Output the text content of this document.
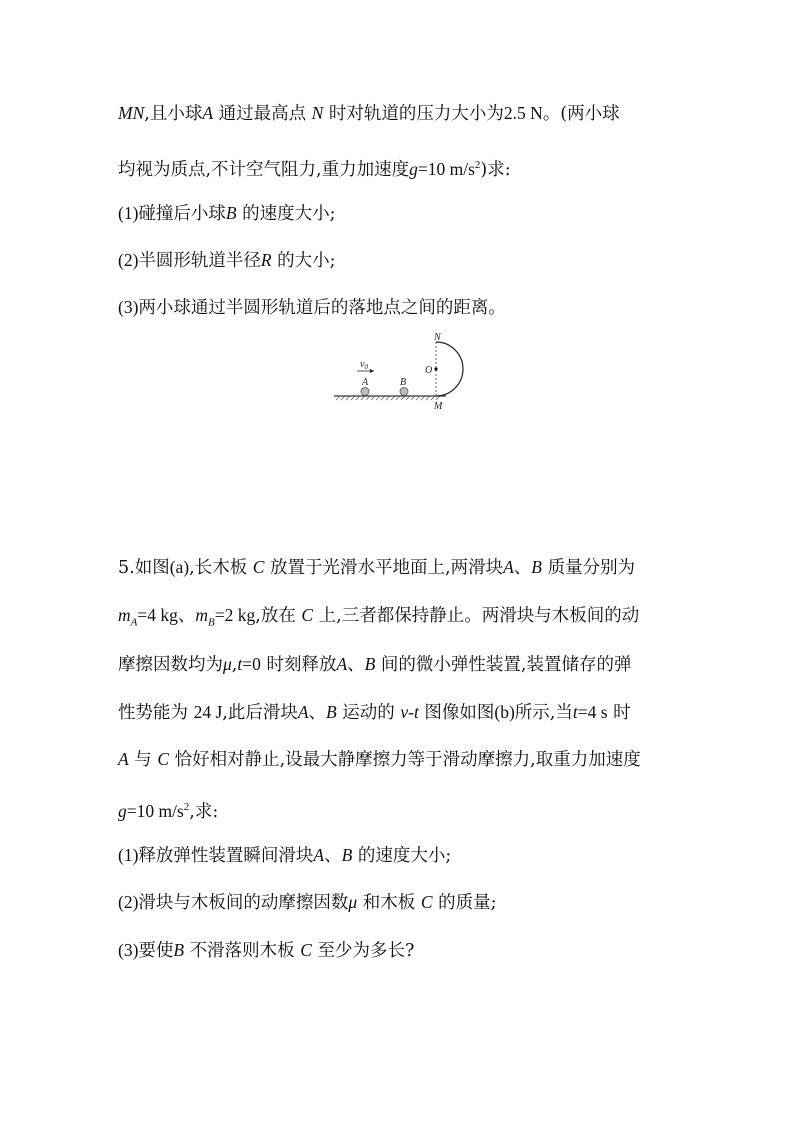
MN,且小球A 通过最高点 N 时对轨道的压力大小为2.5 N。(两小球
均视为质点,不计空气阻力,重力加速度g=10 $m/s^2$)求:
(1)碰撞后小球B 的速度大小;
(2)半圆形轨道半径R 的大小;
(3)两小球通过半圆形轨道后的落地点之间的距离。
$v_0$
A	B
O
N
M
5.如图(a),长木板 C 放置于光滑水平地面上,两滑块A、B 质量分别为
$m_A=4$ kg、$m_B=2$ kg,放在 C 上,三者都保持静止。两滑块与木板间的动
摩擦因数均为μ,t=0 时刻释放A、B 间的微小弹性装置,装置储存的弹
性势能为 24 J,此后滑块A、B 运动的 v-t 图像如图(b)所示,当t=4 s 时
A 与 C 恰好相对静止,设最大静摩擦力等于滑动摩擦力,取重力加速度
g=10 $m/s^2$,求:
(1)释放弹性装置瞬间滑块A、B 的速度大小;
(2)滑块与木板间的动摩擦因数μ 和木板 C 的质量;
(3)要使B 不滑落则木板 C 至少为多长?
